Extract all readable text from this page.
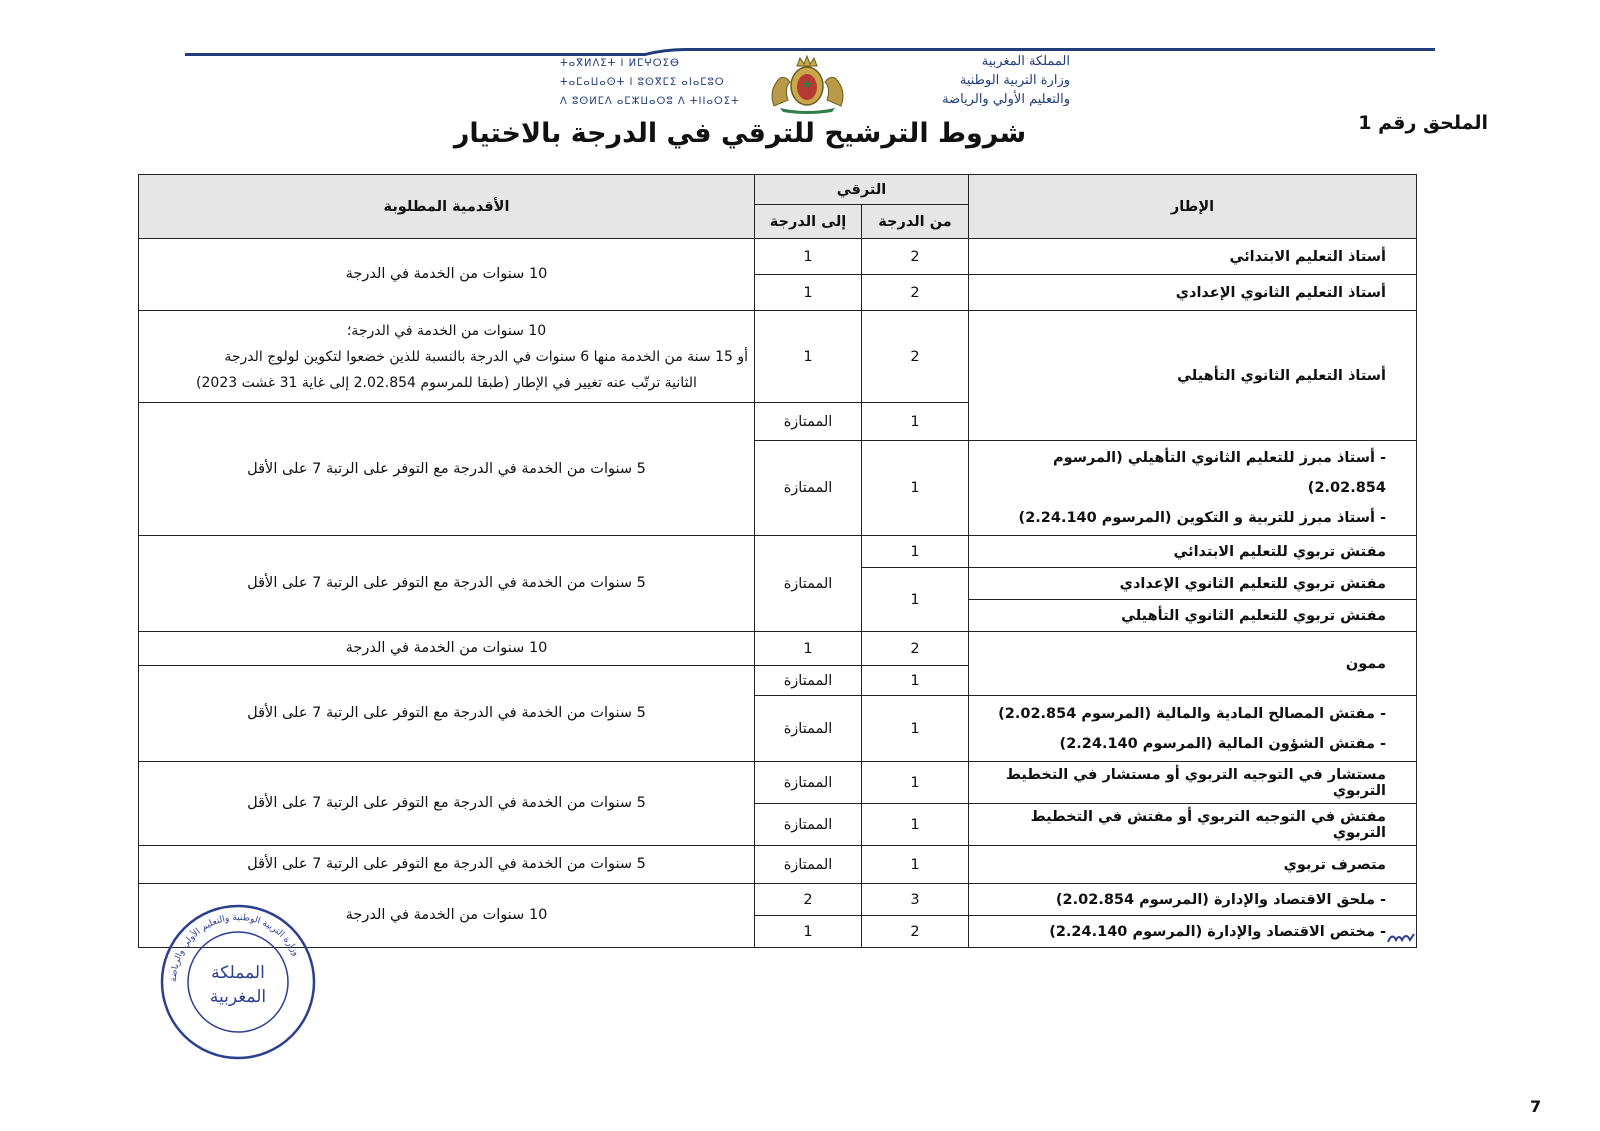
ⵜⴰⴳⵍⴷⵉⵜ ⵏ ⵍⵎⵖⵔⵉⴱ
ⵜⴰⵎⴰⵡⴰⵙⵜ ⵏ ⵓⵙⴳⵎⵉ ⴰⵏⴰⵎⵓⵔ
ⴷ ⵓⵙⵍⵎⴷ ⴰⵎⵣⵡⴰⵔⵓ ⴷ ⵜⵏⵏⴰⵔⵉⵜ
المملكة المغربية
وزارة التربية الوطنية
والتعليم الأولي والرياضة
الملحق رقم 1
شروط الترشيح للترقي في الدرجة بالاختيار
الإطار	الترقي		الأقدمية المطلوبة
	من الدرجة	إلى الدرجة	
أستاذ التعليم الابتدائي	2	1	10 سنوات من الخدمة في الدرجة
أستاذ التعليم الثانوي الإعدادي	2	1	
أستاذ التعليم الثانوي التأهيلي	2	1	10 سنوات من الخدمة في الدرجة؛
أو 15 سنة من الخدمة منها 6 سنوات في الدرجة بالنسبة للذين خضعوا لتكوين لولوج الدرجة
الثانية ترتّب عنه تغيير في الإطار (طبقا للمرسوم 2.02.854 إلى غاية 31 غشت 2023)

	1	الممتازة	5 سنوات من الخدمة في الدرجة مع التوفر على الرتبة 7 على الأقل

- أستاذ مبرز للتعليم الثانوي التأهيلي (المرسوم 2.02.854)
- أستاذ مبرز للتربية و التكوين (المرسوم 2.24.140)	1	الممتازة	
مفتش تربوي للتعليم الابتدائي	1	الممتازة	5 سنوات من الخدمة في الدرجة مع التوفر على الرتبة 7 على الأقل
مفتش تربوي للتعليم الثانوي الإعدادي	1		
مفتش تربوي للتعليم الثانوي التأهيلي			
ممون	2	1	10 سنوات من الخدمة في الدرجة
	1	الممتازة	5 سنوات من الخدمة في الدرجة مع التوفر على الرتبة 7 على الأقل

- مفتش المصالح المادية والمالية (المرسوم 2.02.854)
- مفتش الشؤون المالية (المرسوم 2.24.140)	1	الممتازة	
مستشار في التوجيه التربوي أو مستشار في التخطيط التربوي	1	الممتازة	5 سنوات من الخدمة في الدرجة مع التوفر على الرتبة 7 على الأقل
مفتش في التوجيه التربوي أو مفتش في التخطيط التربوي	1	الممتازة	
متصرف تربوي	1	الممتازة	5 سنوات من الخدمة في الدرجة مع التوفر على الرتبة 7 على الأقل
- ملحق الاقتصاد والإدارة (المرسوم 2.02.854)	3	2	10 سنوات من الخدمة في الدرجة
- مختص الاقتصاد والإدارة (المرسوم 2.24.140)	2	1	
وزارة التربية الوطنية والتعليم الأولي والرياضة
المملكة
المغربية
7
